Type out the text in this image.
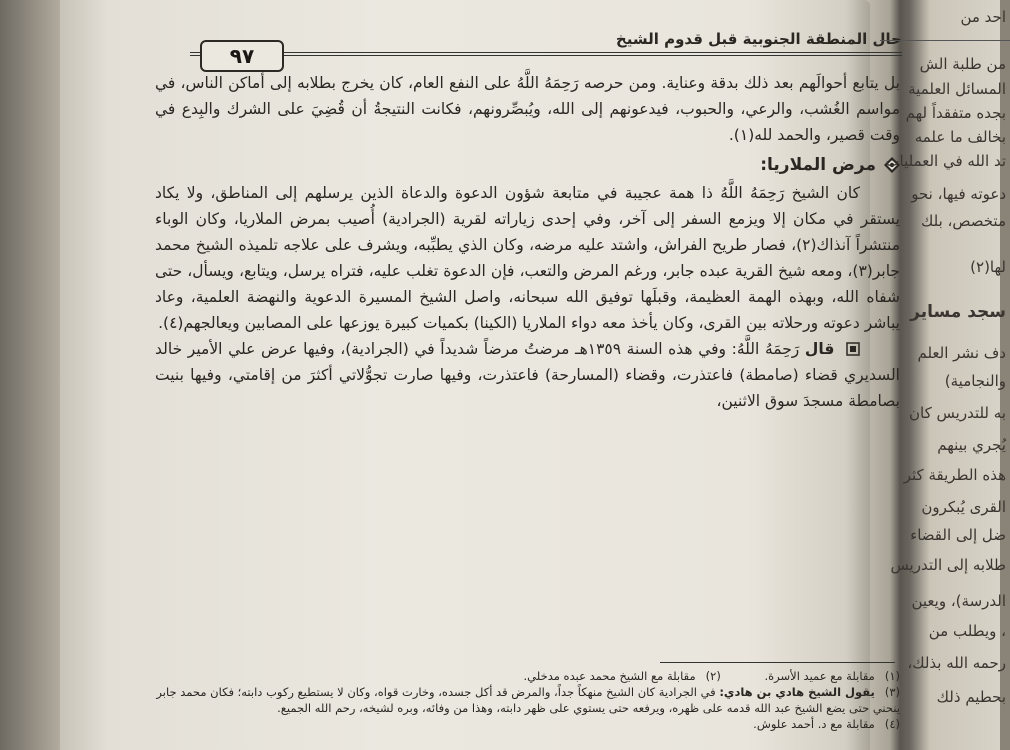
حال المنطقة الجنوبية قبل قدوم الشيخ
٩٧

بل يتابع أحوالَهم بعد ذلك بدقة وعناية. ومن حرصه رَحِمَهُ اللَّهُ على النفع العام، كان يخرج بطلابه إلى أماكن الناس، في مواسم الغُشب، والرعي، والحبوب، فيدعونهم إلى الله، ويُبصِّرونهم، فكانت النتيجةُ أن قُضِيَ على الشرك والبِدع في وقت قصير، والحمد لله(١).

مرض الملاريا:

كان الشيخ رَحِمَهُ اللَّهُ ذا همة عجيبة في متابعة شؤون الدعوة والدعاة الذين يرسلهم إلى المناطق، ولا يكاد يستقر في مكان إلا ويزمع السفر إلى آخر، وفي إحدى زياراته لقرية (الجرادية) أُصيب بمرض الملاريا، وكان الوباء منتشراً آنذاك(٢)، فصار طريح الفراش، واشتد عليه مرضه، وكان الذي يطبِّبه، ويشرف على علاجه تلميذه الشيخ محمد جابر(٣)، ومعه شيخ القرية عبده جابر، ورغم المرض والتعب، فإن الدعوة تغلب عليه، فتراه يرسل، ويتابع، ويسأل، حتى شفاه الله، وبهذه الهمة العظيمة، وقبلَها توفيق الله سبحانه، واصل الشيخ المسيرة الدعوية والنهضة العلمية، وعاد يباشر دعوته ورحلاته بين القرى، وكان يأخذ معه دواء الملاريا (الكينا) بكميات كبيرة يوزعها على المصابين ويعالجهم(٤).

قال رَحِمَهُ اللَّهُ: وفي هذه السنة ١٣٥٩هـ مرضتُ مرضاً شديداً في (الجرادية)، وفيها عرض علي الأمير خالد السديري قضاء (صامطة) فاعتذرت، وقضاء (المسارحة) فاعتذرت، وفيها صارت تجوُّلاتي أكثرَ من إقامتي، وفيها بنيت بصامطة مسجدَ سوق الاثنين،

(١)مقابلة مع عميد الأسرة. (٢)مقابلة مع الشيخ محمد عبده مدخلي.

(٣)يقول الشيخ هادي بن هادي: في الجرادية كان الشيخ منهكاً جداً، والمرض قد أكل جسده، وخارت قواه، وكان لا يستطيع ركوب دابته؛ فكان محمد جابر ينحني حتى يضع الشيخ عبد الله قدمه على ظهره، ويرفعه حتى يستوي على ظهر دابته، وهذا من وفائه، وبره لشيخه، رحم الله الجميع.

(٤)مقابلة مع د. أحمد علوش.

احد من
من طلبة الش
المسائل العلمية
بجده متفقداً لهم
بخالف ما علمه
تد الله في العمليات
دعوته فيها، نحو
متخصص، بلك
لها(٢)
سجد مساير
دف نشر العلم
والنجامية)
به للتدريس كان
يُجري بينهم
هذه الطريقة كثر
القرى يُبكرون
ضل إلى القضاء
طلابه إلى التدريس
الدرسة)، ويعين
، ويطلب من
رحمه الله بذلك،
بحطيم ذلك
